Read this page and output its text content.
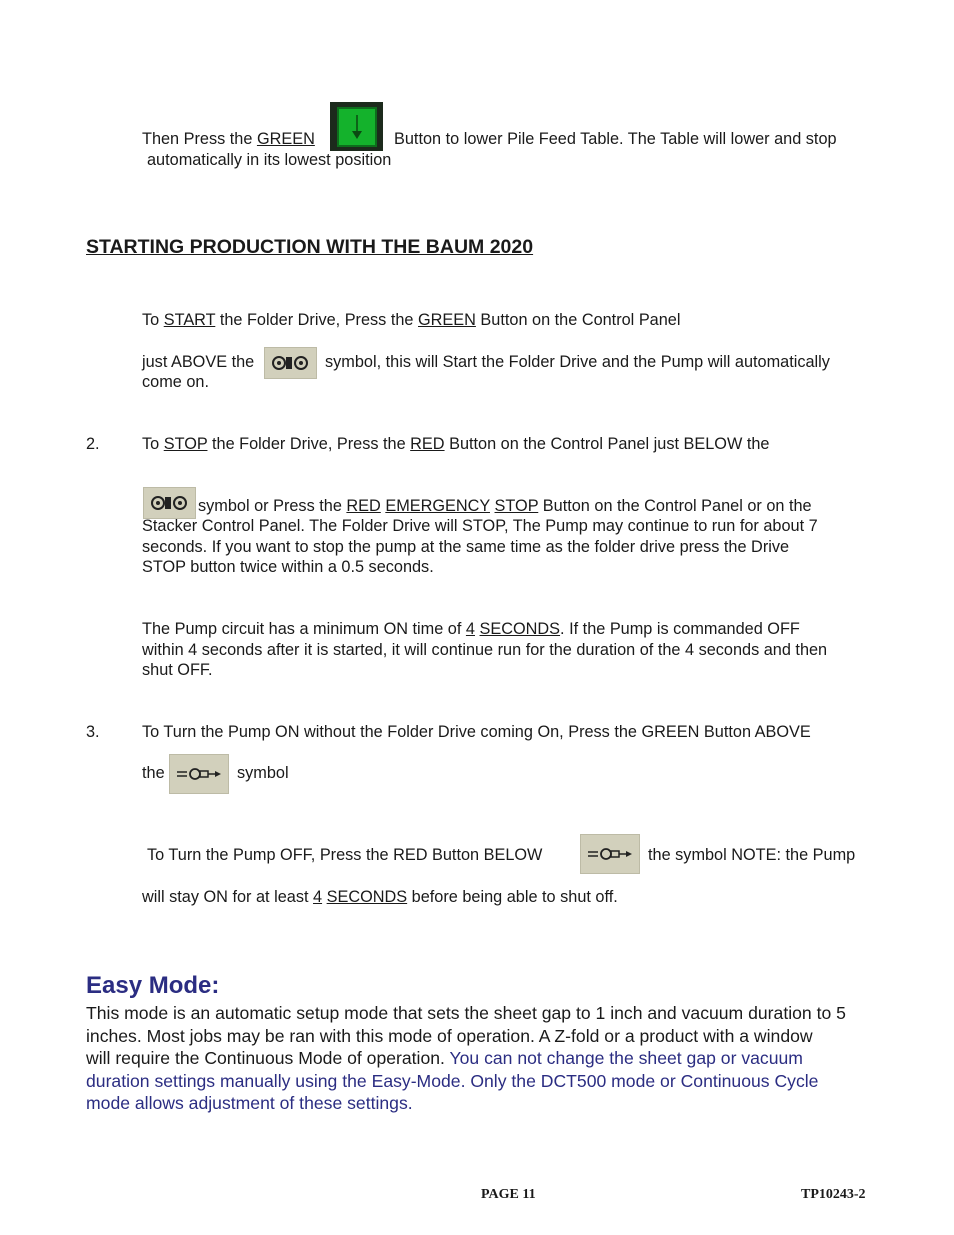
Then Press the GREEN	Button to lower Pile Feed Table. The Table will lower and stop
automatically in its lowest position
STARTING PRODUCTION WITH THE BAUM 2020
To START the Folder Drive, Press the GREEN Button on the Control Panel
just ABOVE the	symbol, this will Start the Folder Drive and the Pump will automatically
come on.
2.	To STOP the Folder Drive, Press the RED Button on the Control Panel just BELOW the
symbol or Press the RED EMERGENCY STOP Button on the Control Panel or on the
Stacker Control Panel. The Folder Drive will STOP, The Pump may continue to run for about 7
seconds. If you want to stop the pump at the same time as the folder drive press the Drive
STOP button twice within a 0.5 seconds.
The Pump circuit has a minimum ON time of 4 SECONDS. If the Pump is commanded OFF
within 4 seconds after it is started, it will continue run for the duration of the 4 seconds and then
shut OFF.
3.	To Turn the Pump ON without the Folder Drive coming On, Press the GREEN Button ABOVE
the	symbol
To Turn the Pump OFF, Press the RED Button BELOW	the symbol NOTE: the Pump
will stay ON for at least 4 SECONDS before being able to shut off.
Easy Mode:
This mode is an automatic setup mode that sets the sheet gap to 1 inch and vacuum duration to 5
inches. Most jobs may be ran with this mode of operation. A Z-fold or a product with a window
will require the Continuous Mode of operation. You can not change the sheet gap or vacuum
duration settings manually using the Easy-Mode. Only the DCT500 mode or Continuous Cycle
mode allows adjustment of these settings.
PAGE 11	TP10243-2
